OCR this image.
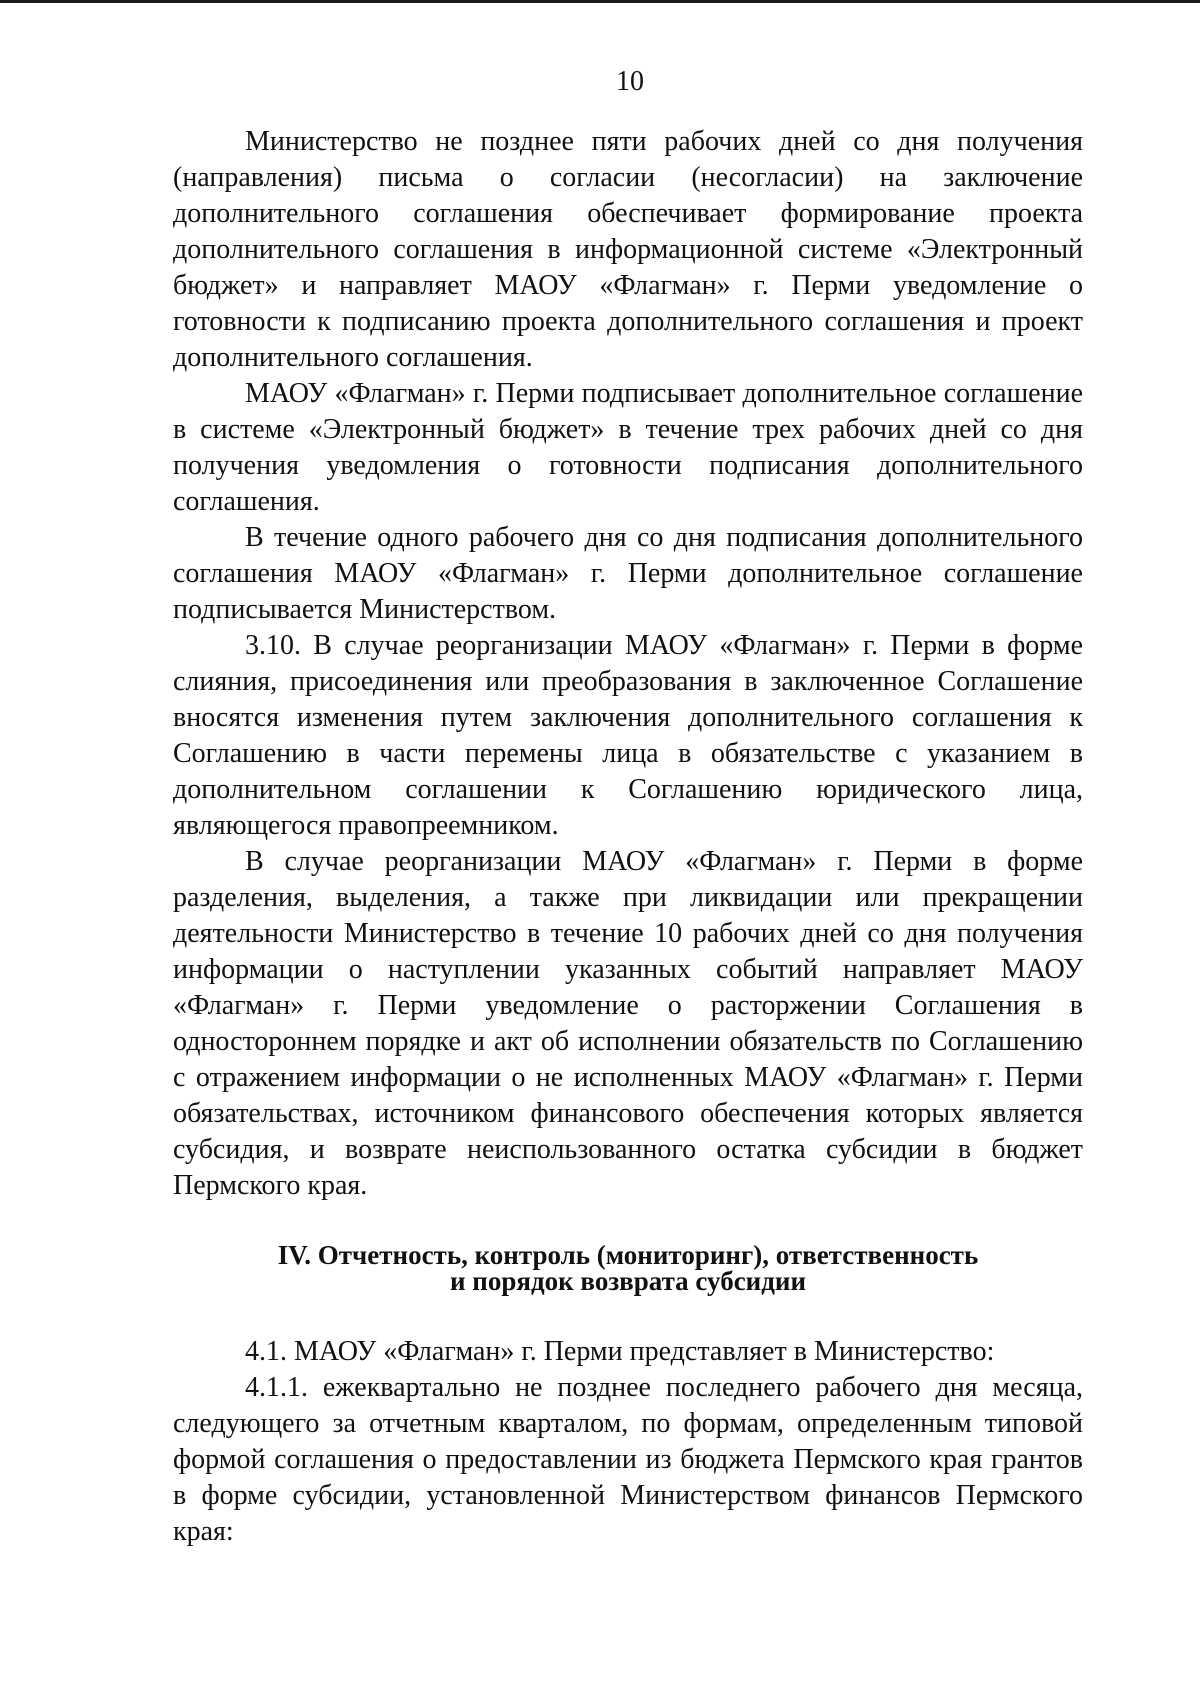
10

Министерство не позднее пяти рабочих дней со дня получения (направления) письма о согласии (несогласии) на заключение дополнительного соглашения обеспечивает формирование проекта дополнительного соглашения в информационной системе «Электронный бюджет» и направляет МАОУ «Флагман» г. Перми уведомление о готовности к подписанию проекта дополнительного соглашения и проект дополнительного соглашения.

МАОУ «Флагман» г. Перми подписывает дополнительное соглашение в системе «Электронный бюджет» в течение трех рабочих дней со дня получения уведомления о готовности подписания дополнительного соглашения.

В течение одного рабочего дня со дня подписания дополнительного соглашения МАОУ «Флагман» г. Перми дополнительное соглашение подписывается Министерством.

3.10. В случае реорганизации МАОУ «Флагман» г. Перми в форме слияния, присоединения или преобразования в заключенное Соглашение вносятся изменения путем заключения дополнительного соглашения к Соглашению в части перемены лица в обязательстве с указанием в дополнительном соглашении к Соглашению юридического лица, являющегося правопреемником.

В случае реорганизации МАОУ «Флагман» г. Перми в форме разделения, выделения, а также при ликвидации или прекращении деятельности Министерство в течение 10 рабочих дней со дня получения информации о наступлении указанных событий направляет МАОУ «Флагман» г. Перми уведомление о расторжении Соглашения в одностороннем порядке и акт об исполнении обязательств по Соглашению с отражением информации о не исполненных МАОУ «Флагман» г. Перми обязательствах, источником финансового обеспечения которых является субсидия, и возврате неиспользованного остатка субсидии в бюджет Пермского края.

IV. Отчетность, контроль (мониторинг), ответственность
и порядок возврата субсидии

4.1. МАОУ «Флагман» г. Перми представляет в Министерство:

4.1.1. ежеквартально не позднее последнего рабочего дня месяца, следующего за отчетным кварталом, по формам, определенным типовой формой соглашения о предоставлении из бюджета Пермского края грантов в форме субсидии, установленной Министерством финансов Пермского края:
